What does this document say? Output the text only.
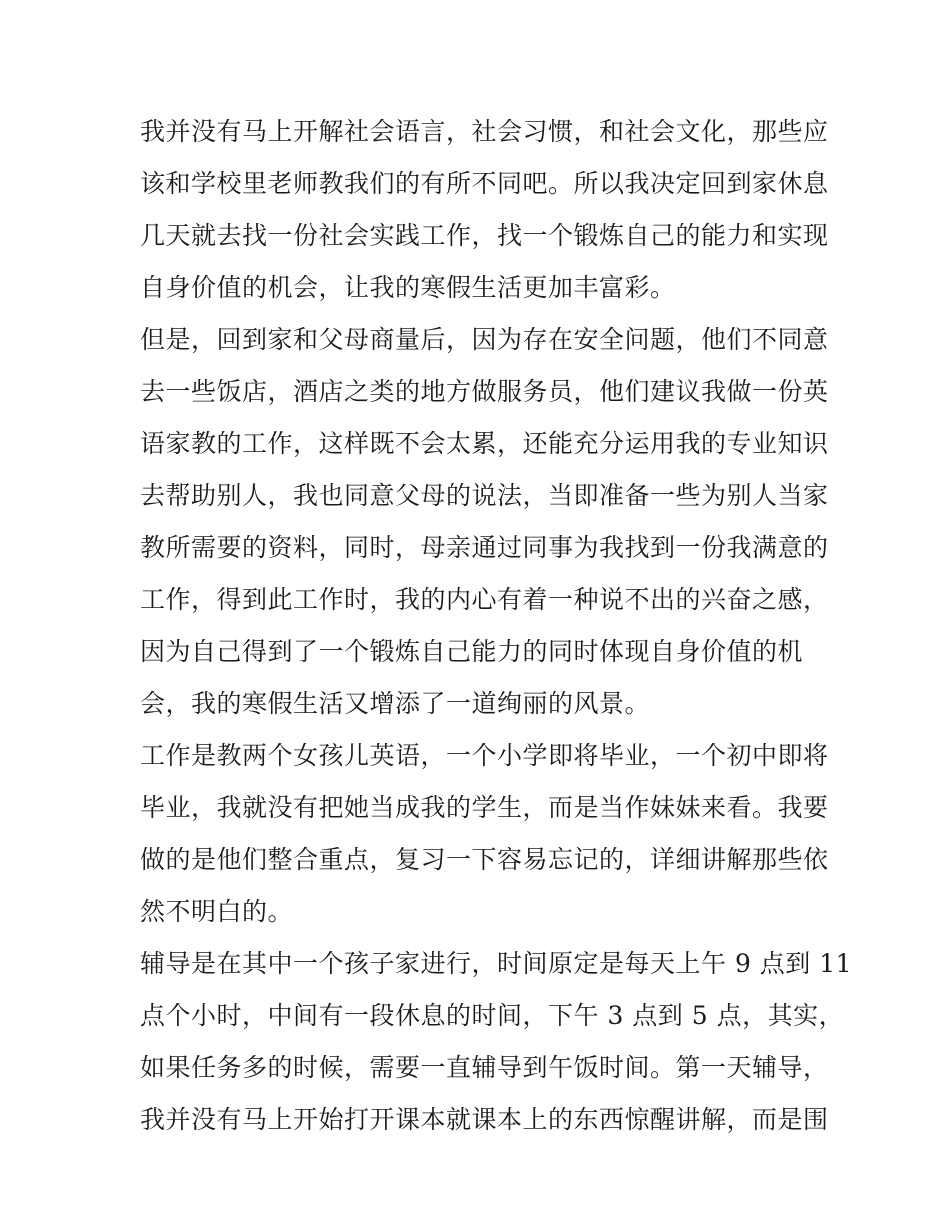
我并没有马上开解社会语言，社会习惯，和社会文化，那些应
该和学校里老师教我们的有所不同吧。所以我决定回到家休息
几天就去找一份社会实践工作，找一个锻炼自己的能力和实现
自身价值的机会，让我的寒假生活更加丰富彩。
但是，回到家和父母商量后，因为存在安全问题，他们不同意
去一些饭店，酒店之类的地方做服务员，他们建议我做一份英
语家教的工作，这样既不会太累，还能充分运用我的专业知识
去帮助别人，我也同意父母的说法，当即准备一些为别人当家
教所需要的资料，同时，母亲通过同事为我找到一份我满意的
工作，得到此工作时，我的内心有着一种说不出的兴奋之感，
因为自己得到了一个锻炼自己能力的同时体现自身价值的机
会，我的寒假生活又增添了一道绚丽的风景。
工作是教两个女孩儿英语，一个小学即将毕业，一个初中即将
毕业，我就没有把她当成我的学生，而是当作妹妹来看。我要
做的是他们整合重点，复习一下容易忘记的，详细讲解那些依
然不明白的。
辅导是在其中一个孩子家进行，时间原定是每天上午 9 点到 11
点个小时，中间有一段休息的时间，下午 3 点到 5 点，其实，
如果任务多的时候，需要一直辅导到午饭时间。第一天辅导，
我并没有马上开始打开课本就课本上的东西惊醒讲解，而是围
